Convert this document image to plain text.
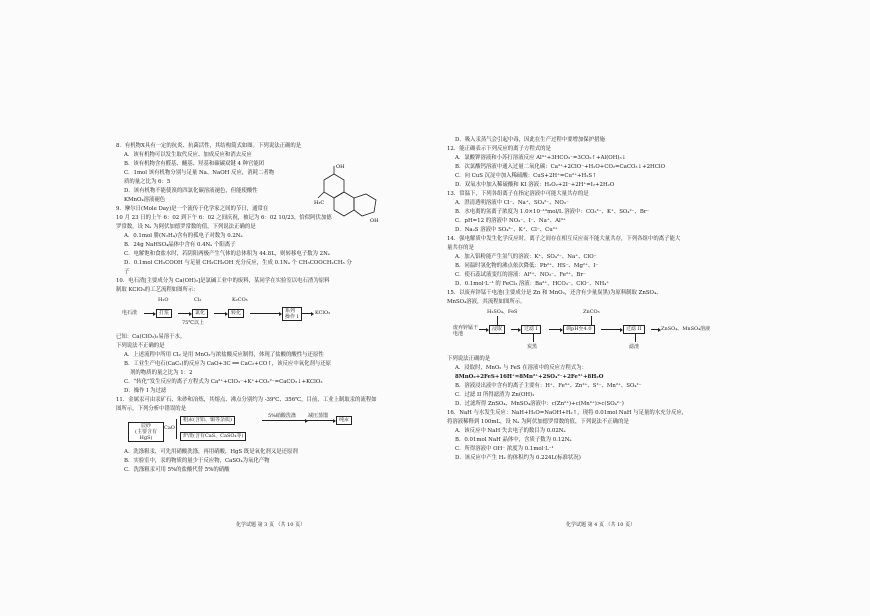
8．有机物X具有一定的抗炎、抗菌活性，其结构简式如图。下列说法正确的是

A．该有机物可以发生取代反应、加成反应和消去反应

B．该有机物含有醛基、醚基、羟基和碳碳双键 4 种官能团

C．1mol 该有机物分别与足量 Na、NaOH 反应，消耗二者物

质的量之比为 6：5

D．该有机物不能使溴的四氯化碳溶液褪色，但能使酸性

KMnO₄溶液褪色

9．摩尔日(Mole Day)是一个流传于化学家之间的节日，通常在

10 月 23 日的上午 6：02 到下午 6：02 之间庆祝，被记为 6：02 10/23，恰似阿伏加德

罗常数。设 Nₐ 为阿伏加德罗常数的值，下列说法正确的是

A．0.1mol 肼(N₂H₄)含有的孤电子对数为 0.2Nₐ

B．24g NaHSO₄晶体中含有 0.4Nₐ 个阳离子

C．电解饱和食盐水时，若阴阳两极产生气体的总体积为 44.8L，则转移电子数为 2Nₐ

D．0.1mol CH₃COOH 与足量 CH₃CH₂OH 充分反应，生成 0.1Nₐ 个 CH₃COOCH₂CH₃ 分

子

10．电石渣[主要成分为 Ca(OH)₂]是氯碱工业中的废料，某同学在实验室以电石渣为原料

制取 KClO₃的工艺流程如图所示：

H₂O	Cl₂	K₂CO₃
电石渣	打浆	氯化	转化	系列操作 I
KClO₃
75℃以上

已知：Ca(ClO₃)₂易溶于水。

下列说法不正确的是

A．上述流程中所用 Cl₂ 是用 MnO₂与浓盐酸反应制得，体现了盐酸的酸性与还原性

B．工业生产电石(CaC₂)的反应为 CaO+3C ══ CaC₂+CO↑，该反应中氧化剂与还原

剂的物质的量之比为 1：2

C．“转化”发生反应的离子方程式为 Ca²⁺+ClO₃⁻+K⁺+CO₃²⁻=CaCO₃↓+KClO₃

D．操作 I 为过滤

11．金属汞可由汞矿石、朱砂和冶炼，其熔点、沸点分别约为 -39℃、356℃，目前，工业上制取汞的流程如

图所示，下列分析中错误的是

辰砂
(主要含有HgS)
CaO
粗汞(含铅、铜等杂质)
炉渣(含有CaS、CaSO₄等)
5%硝酸洗涤 减压蒸馏
纯汞

A．洗涤粗汞，可先用硝酸洗涤，再用硝酸，HgS 既是氧化剂又是还原剂

B．实验室中，汞的物质的量少于反应物，CaSO₄为氧化产物

C．洗涤粗汞可用 5%的盐酸代替 5%的硝酸

OH
H₃C
OH

D．吸入汞蒸气会引起中毒，因此在生产过程中要增加保护措施

12．能正确表示下列反应的离子方程式的是

A．氯酸钾溶液和小苏打溶液反应 Al³⁺+3HCO₃⁻=3CO₂↑+Al(OH)₃↓

B．次氯酸钙溶液中通入过量二氧化碳：Ca²⁺+2ClO⁻+H₂O+CO₂=CaCO₃↓+2HClO

C．向 CuS 沉淀中加入稀硫酸：CuS+2H⁺=Cu²⁺+H₂S↑

D．双氧水中加入稀硫酸和 KI 溶液：H₂O₂+2I⁻+2H⁺=I₂+2H₂O

13．常温下，下列各组离子在指定溶液中可能大量共存的是

A．澄清透明溶液中 Cl⁻、Na⁺、SO₄²⁻、NO₃⁻

B．水电离的氢离子浓度为 1.0×10⁻¹³mol/L 溶液中：CO₃²⁻、K⁺、SO₄²⁻、Br⁻

C．pH=12 的溶液中 NO₃⁻、I⁻、Na⁺、Al³⁺

D．Na₂S 溶液中 SO₄²⁻、K⁺、Cl⁻、Cu²⁺

14．强电解质中发生化学反应时，离子之间存在相互反应而不能大量共存，下列各组中的离子能大

量共存的是

A．加入铝粉能产生氢气的溶液：K⁺、SO₄²⁻、Na⁺、ClO⁻

B．同温时氢化物的沸点依次降低：Pb²⁺、HS⁻、Mg²⁺、I⁻

C．使石蕊试液变红的溶液：Al³⁺、NO₃⁻、Fe²⁺、Br⁻

D．0.1mol·L⁻¹ 的 FeCl₃ 溶液：Ba²⁺、HCO₃⁻、ClO⁻、NH₄⁺

15．以废弃锌锰干电池(主要成分是 Zn 和 MnO₂，还含有少量炭黑)为原料制取 ZnSO₄、

MnSO₄溶液，其流程如图所示。

H₂SO₄、FeS	ZnCO₃
废弃锌锰干电池
浸取	过滤 I	调pH至4.0	过滤 II	ZnSO₄、MnSO₄溶液
炭黑	滤渣

下列说法正确的是

A．浸取时，MnO₂ 与 FeS 在溶液中的反应方程式为：

8MnO₂+2FeS+16H⁺=8Mn²⁺+2SO₄²⁻+2Fe³⁺+8H₂O

B．溶液浸出液中含有的离子主要有：H⁺、Fe³⁺、Zn²⁺、S²⁻、Mn²⁺、SO₄²⁻

C．过滤 II 所得滤渣为 Zn(OH)₂

D．过滤所得 ZnSO₄、MnSO₄溶液中：c(Zn²⁺)+c(Mn²⁺)>c(SO₄²⁻)

16．NaH 与水发生反应：NaH+H₂O=NaOH+H₂↑，现将 0.01mol NaH 与足量的水充分反应，

将溶液稀释到 100mL，设 Nₐ 为阿伏加德罗常数的值，下列说法不正确的是

A．该反应中 NaH 失去电子的数目为 0.02Nₐ

B．0.01mol NaH 晶体中，含质子数为 0.12Nₐ

C．所得溶液中 OH⁻ 浓度为 0.1mol·L⁻¹

D．该反应中产生 H₂ 的体积约为 0.224L(标准状况)

化学试题 第 3 页 （共 10 页）	化学试题 第 4 页 （共 10 页）
